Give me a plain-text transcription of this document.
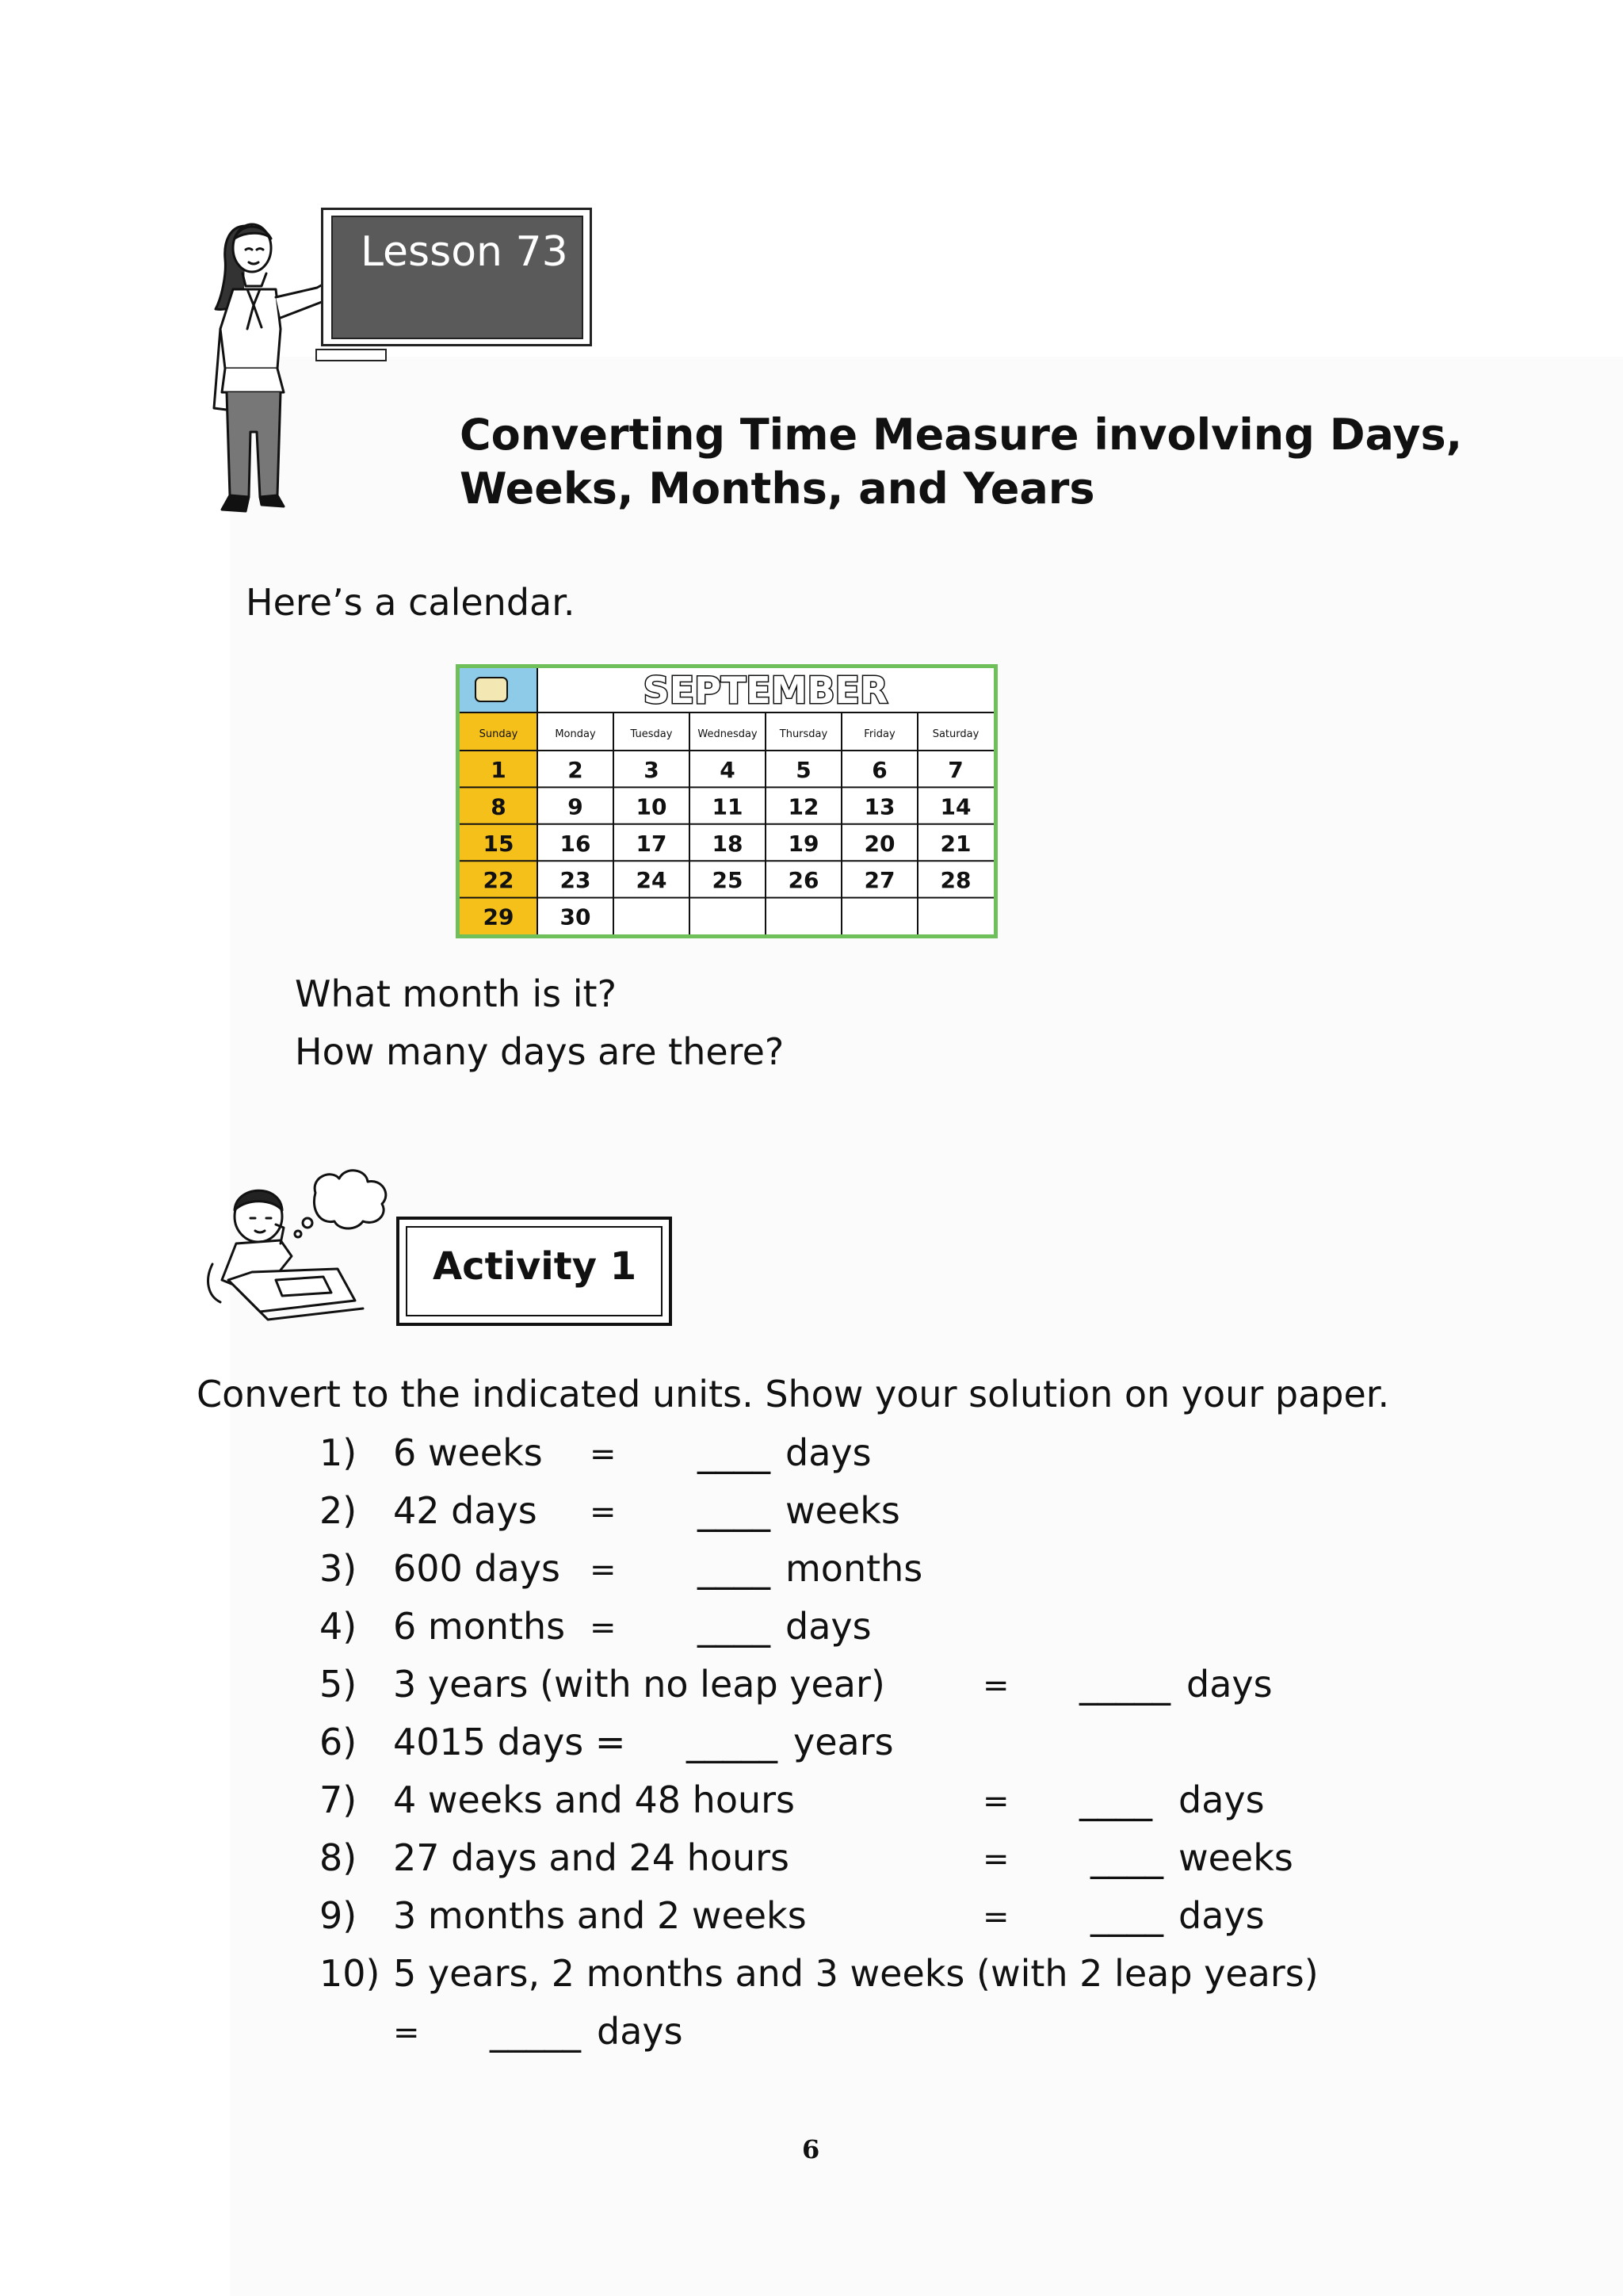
Lesson 73
Converting Time Measure involving Days,
Weeks, Months, and Years
Here’s a calendar.
SEPTEMBER
Sunday	Monday	Tuesday Wednesday Thursday	Friday	Saturday
1	2	3	4	5	6	7
8	9 10 11 12 13 14
15 16 17 18 19 20 21
22 23 24 25 26 27 28
29 30
What month is it?
How many days are there?
Activity 1
Convert to the indicated units. Show your solution on your paper.
1) 6 weeks = ____ days
2) 42 days = ____ weeks
3) 600 days = ____ months
4) 6 months = ____ days
5) 3 years (with no leap year)	= _____ days
6) 4015 days = _____ years
7) 4 weeks and 48 hours	= ____ days
8) 27 days and 24 hours	= ____ weeks
9) 3 months and 2 weeks	= ____ days
10) 5 years, 2 months and 3 weeks (with 2 leap years)
= _____ days
6
